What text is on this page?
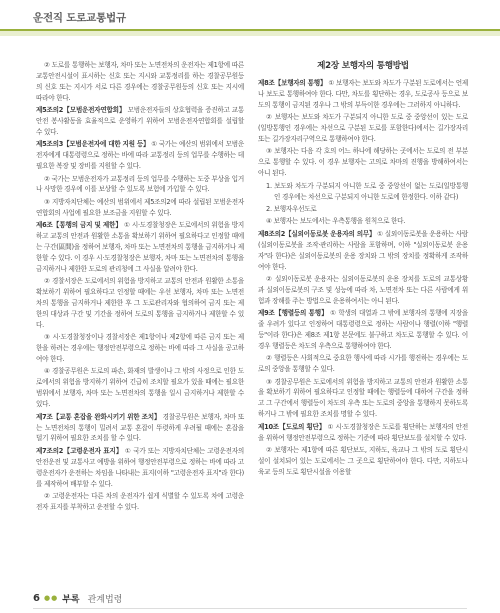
운전직 도로교통법규
② 도로를 통행하는 보행자, 차마 또는 노면전차의 운전자는 제1항에 따른 교통안전시설이 표시하는 신호 또는 지시와 교통정리를 하는 경찰공무원등의 신호 또는 지시가 서로 다른 경우에는 경찰공무원등의 신호 또는 지시에 따라야 한다.
제5조의2【모범운전자연합회】 모범운전자들의 상호협력을 증진하고 교통안전 봉사활동을 효율적으로 운영하기 위하여 모범운전자연합회를 설립할 수 있다.
제5조의3【모범운전자에 대한 지원 등】 ① 국가는 예산의 범위에서 모범운전자에게 대통령령으로 정하는 바에 따라 교통정리 등의 업무를 수행하는 데 필요한 복장 및 장비를 지원할 수 있다.
② 국가는 모범운전자가 교통정리 등의 업무를 수행하는 도중 부상을 입거나 사망한 경우에 이를 보상할 수 있도록 보험에 가입할 수 있다.
③ 지방자치단체는 예산의 범위에서 제5조의2에 따라 설립된 모범운전자연합회의 사업에 필요한 보조금을 지원할 수 있다.
제6조【통행의 금지 및 제한】 ① 시·도경찰청장은 도로에서의 위험을 방지하고 교통의 안전과 원활한 소통을 확보하기 위하여 필요하다고 인정할 때에는 구간(區間)을 정하여 보행자, 차마 또는 노면전차의 통행을 금지하거나 제한할 수 있다. 이 경우 시·도경찰청장은 보행자, 차마 또는 노면전차의 통행을 금지하거나 제한한 도로의 관리청에 그 사실을 알려야 한다.
② 경찰서장은 도로에서의 위험을 방지하고 교통의 안전과 원활한 소통을 확보하기 위하여 필요하다고 인정할 때에는 우선 보행자, 차마 또는 노면전차의 통행을 금지하거나 제한한 후 그 도로관리자와 협의하여 금지 또는 제한의 대상과 구간 및 기간을 정하여 도로의 통행을 금지하거나 제한할 수 있다.
③ 시·도경찰청장이나 경찰서장은 제1항이나 제2항에 따른 금지 또는 제한을 하려는 경우에는 행정안전부령으로 정하는 바에 따라 그 사실을 공고하여야 한다.
④ 경찰공무원은 도로의 파손, 화재의 발생이나 그 밖의 사정으로 인한 도로에서의 위험을 방지하기 위하여 긴급히 조치할 필요가 있을 때에는 필요한 범위에서 보행자, 차마 또는 노면전차의 통행을 일시 금지하거나 제한할 수 있다.
제7조【교통 혼잡을 완화시키기 위한 조치】 경찰공무원은 보행자, 차마 또는 노면전차의 통행이 밀려서 교통 혼잡이 뚜렷하게 우려될 때에는 혼잡을 덜기 위하여 필요한 조치를 할 수 있다.
제7조의2【고령운전자 표지】 ① 국가 또는 지방자치단체는 고령운전자의 안전운전 및 교통사고 예방을 위하여 행정안전부령으로 정하는 바에 따라 고령운전자가 운전하는 차임을 나타내는 표지(이하 "고령운전자 표지"라 한다)를 제작하여 배부할 수 있다.
② 고령운전자는 다른 차의 운전자가 쉽게 식별할 수 있도록 차에 고령운전자 표지를 부착하고 운전할 수 있다.
제2장 보행자의 통행방법
제8조【보행자의 통행】 ① 보행자는 보도와 차도가 구분된 도로에서는 언제나 보도로 통행하여야 한다. 다만, 차도를 횡단하는 경우, 도로공사 등으로 보도의 통행이 금지된 경우나 그 밖의 부득이한 경우에는 그러하지 아니하다.
② 보행자는 보도와 차도가 구분되지 아니한 도로 중 중앙선이 있는 도로(일방통행인 경우에는 차선으로 구분된 도로를 포함한다)에서는 길가장자리 또는 길가장자리구역으로 통행하여야 한다.
③ 보행자는 다음 각 호의 어느 하나에 해당하는 곳에서는 도로의 전 부분으로 통행할 수 있다. 이 경우 보행자는 고의로 차마의 진행을 방해하여서는 아니 된다.
1. 보도와 차도가 구분되지 아니한 도로 중 중앙선이 없는 도로(일방통행인 경우에는 차선으로 구분되지 아니한 도로에 한정한다. 이하 같다)
2. 보행자우선도로
④ 보행자는 보도에서는 우측통행을 원칙으로 한다.
제8조의2【실외이동로봇 운용자의 의무】 ① 실외이동로봇을 운용하는 사람(실외이동로봇을 조작·관리하는 사람을 포함하며, 이하 "실외이동로봇 운용자"라 한다)은 실외이동로봇의 운용 장치와 그 밖의 장치를 정확하게 조작하여야 한다.
② 실외이동로봇 운용자는 실외이동로봇의 운용 장치를 도로의 교통상황과 실외이동로봇의 구조 및 성능에 따라 차, 노면전차 또는 다른 사람에게 위험과 장해를 주는 방법으로 운용하여서는 아니 된다.
제9조【행렬등의 통행】 ① 학생의 대열과 그 밖에 보행자의 통행에 지장을 줄 우려가 있다고 인정하여 대통령령으로 정하는 사람이나 행렬(이하 "행렬등"이라 한다)은 제8조 제1항 본문에도 불구하고 차도로 통행할 수 있다. 이 경우 행렬등은 차도의 우측으로 통행하여야 한다.
② 행렬등은 사회적으로 중요한 행사에 따라 시가를 행진하는 경우에는 도로의 중앙을 통행할 수 있다.
③ 경찰공무원은 도로에서의 위험을 방지하고 교통의 안전과 원활한 소통을 확보하기 위하여 필요하다고 인정할 때에는 행렬등에 대하여 구간을 정하고 그 구간에서 행렬등이 차도의 우측 또는 도로의 중앙을 통행하지 못하도록 하거나 그 밖에 필요한 조치를 명할 수 있다.
제10조【도로의 횡단】 ① 시·도경찰청장은 도로를 횡단하는 보행자의 안전을 위하여 행정안전부령으로 정하는 기준에 따라 횡단보도를 설치할 수 있다.
② 보행자는 제1항에 따른 횡단보도, 지하도, 육교나 그 밖의 도로 횡단시설이 설치되어 있는 도로에서는 그 곳으로 횡단하여야 한다. 다만, 지하도나 육교 등의 도로 횡단시설을 이용할
6 ●● 부록 관계법령
